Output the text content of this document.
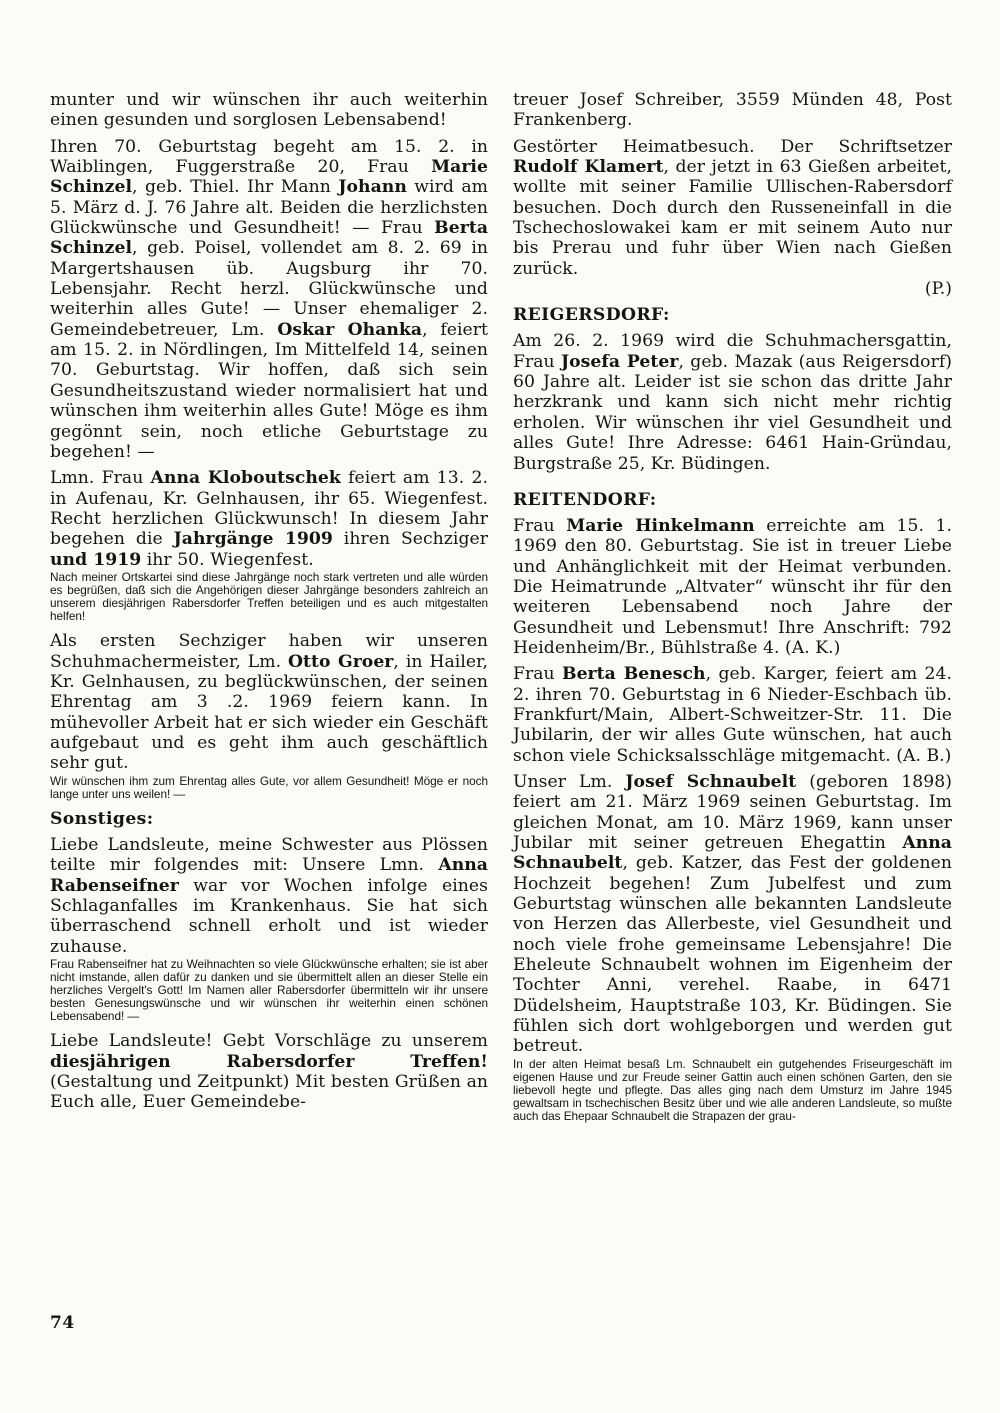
munter und wir wünschen ihr auch weiterhin einen gesunden und sorglosen Lebensabend!

Ihren 70. Geburtstag begeht am 15. 2. in Waiblingen, Fuggerstraße 20, Frau Marie Schinzel, geb. Thiel. Ihr Mann Johann wird am 5. März d. J. 76 Jahre alt. Beiden die herzlichsten Glückwünsche und Gesundheit! — Frau Berta Schinzel, geb. Poisel, vollendet am 8. 2. 69 in Margertshausen üb. Augsburg ihr 70. Lebensjahr. Recht herzl. Glückwünsche und weiterhin alles Gute! — Unser ehemaliger 2. Gemeindebetreuer, Lm. Oskar Ohanka, feiert am 15. 2. in Nördlingen, Im Mittelfeld 14, seinen 70. Geburtstag. Wir hoffen, daß sich sein Gesundheitszustand wieder normalisiert hat und wünschen ihm weiterhin alles Gute! Möge es ihm gegönnt sein, noch etliche Geburtstage zu begehen! —

Lmn. Frau Anna Kloboutschek feiert am 13. 2. in Aufenau, Kr. Gelnhausen, ihr 65. Wiegenfest. Recht herzlichen Glückwunsch! In diesem Jahr begehen die Jahrgänge 1909 ihren Sechziger und 1919 ihr 50. Wiegenfest.

Nach meiner Ortskartei sind diese Jahrgänge noch stark vertreten und alle würden es begrüßen, daß sich die Angehörigen dieser Jahrgänge besonders zahlreich an unserem diesjährigen Rabersdorfer Treffen beteiligen und es auch mitgestalten helfen!

Als ersten Sechziger haben wir unseren Schuhmachermeister, Lm. Otto Groer, in Hailer, Kr. Gelnhausen, zu beglückwünschen, der seinen Ehrentag am 3 .2. 1969 feiern kann. In mühevoller Arbeit hat er sich wieder ein Geschäft aufgebaut und es geht ihm auch geschäftlich sehr gut.

Wir wünschen ihm zum Ehrentag alles Gute, vor allem Gesundheit! Möge er noch lange unter uns weilen! —

Sonstiges:

Liebe Landsleute, meine Schwester aus Plössen teilte mir folgendes mit: Unsere Lmn. Anna Rabenseifner war vor Wochen infolge eines Schlaganfalles im Krankenhaus. Sie hat sich überraschend schnell erholt und ist wieder zuhause.

Frau Rabenseifner hat zu Weihnachten so viele Glückwünsche erhalten; sie ist aber nicht imstande, allen dafür zu danken und sie übermittelt allen an dieser Stelle ein herzliches Vergelt's Gott! Im Namen aller Rabersdorfer übermitteln wir ihr unsere besten Genesungswünsche und wir wünschen ihr weiterhin einen schönen Lebensabend! —

Liebe Landsleute! Gebt Vorschläge zu unserem diesjährigen Rabersdorfer Treffen! (Gestaltung und Zeitpunkt) Mit besten Grüßen an Euch alle, Euer Gemeindebe-

treuer Josef Schreiber, 3559 Münden 48, Post Frankenberg.

Gestörter Heimatbesuch. Der Schriftsetzer Rudolf Klamert, der jetzt in 63 Gießen arbeitet, wollte mit seiner Familie Ullischen-Rabersdorf besuchen. Doch durch den Russeneinfall in die Tschechoslowakei kam er mit seinem Auto nur bis Prerau und fuhr über Wien nach Gießen zurück.

(P.)

REIGERSDORF:

Am 26. 2. 1969 wird die Schuhmachersgattin, Frau Josefa Peter, geb. Mazak (aus Reigersdorf) 60 Jahre alt. Leider ist sie schon das dritte Jahr herzkrank und kann sich nicht mehr richtig erholen. Wir wünschen ihr viel Gesundheit und alles Gute! Ihre Adresse: 6461 Hain-Gründau, Burgstraße 25, Kr. Büdingen.

REITENDORF:

Frau Marie Hinkelmann erreichte am 15. 1. 1969 den 80. Geburtstag. Sie ist in treuer Liebe und Anhänglichkeit mit der Heimat verbunden. Die Heimatrunde „Altvater“ wünscht ihr für den weiteren Lebensabend noch Jahre der Gesundheit und Lebensmut! Ihre Anschrift: 792 Heidenheim/Br., Bühlstraße 4. (A. K.)

Frau Berta Benesch, geb. Karger, feiert am 24. 2. ihren 70. Geburtstag in 6 Nieder-Eschbach üb. Frankfurt/Main, Albert-Schweitzer-Str. 11. Die Jubilarin, der wir alles Gute wünschen, hat auch schon viele Schicksalsschläge mitgemacht. (A. B.)

Unser Lm. Josef Schnaubelt (geboren 1898) feiert am 21. März 1969 seinen Geburtstag. Im gleichen Monat, am 10. März 1969, kann unser Jubilar mit seiner getreuen Ehegattin Anna Schnaubelt, geb. Katzer, das Fest der goldenen Hochzeit begehen! Zum Jubelfest und zum Geburtstag wünschen alle bekannten Landsleute von Herzen das Allerbeste, viel Gesundheit und noch viele frohe gemeinsame Lebensjahre! Die Eheleute Schnaubelt wohnen im Eigenheim der Tochter Anni, verehel. Raabe, in 6471 Düdelsheim, Hauptstraße 103, Kr. Büdingen. Sie fühlen sich dort wohlgeborgen und werden gut betreut.

In der alten Heimat besaß Lm. Schnaubelt ein gutgehendes Friseurgeschäft im eigenen Hause und zur Freude seiner Gattin auch einen schönen Garten, den sie liebevoll hegte und pflegte. Das alles ging nach dem Umsturz im Jahre 1945 gewaltsam in tschechischen Besitz über und wie alle anderen Landsleute, so mußte auch das Ehepaar Schnaubelt die Strapazen der grau-

74
